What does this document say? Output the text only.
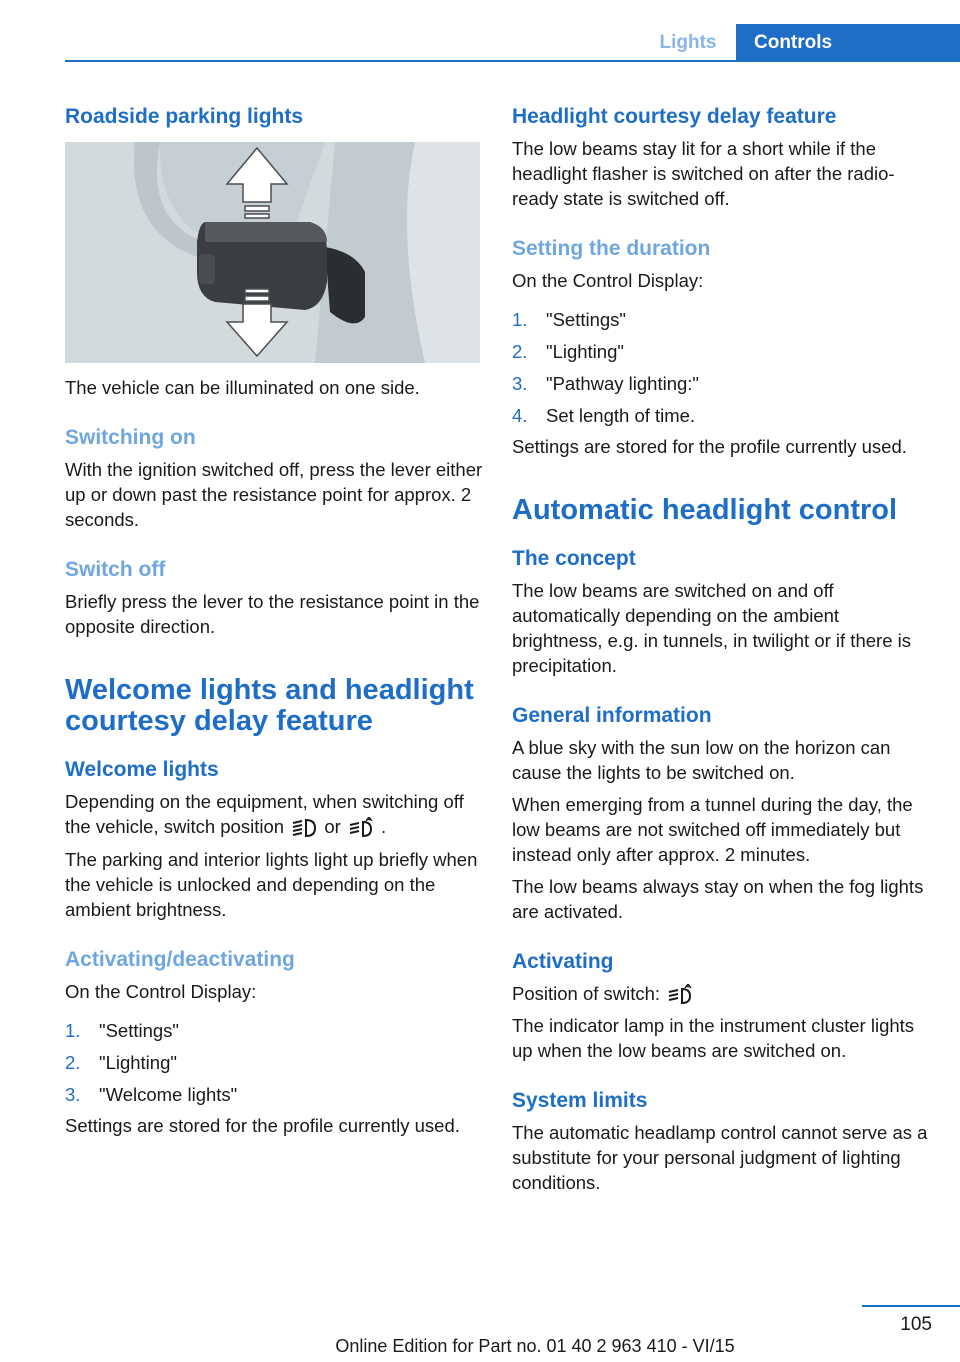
Lights	Controls
Roadside parking lights

The vehicle can be illuminated on one side.

Switching on

With the ignition switched off, press the lever either up or down past the resistance point for approx. 2 seconds.

Switch off

Briefly press the lever to the resistance point in the opposite direction.

Welcome lights and headlight courtesy delay feature
Welcome lights

Depending on the equipment, when switching off the vehicle, switch position or .

The parking and interior lights light up briefly when the vehicle is unlocked and depending on the ambient brightness.

Activating/deactivating

On the Control Display:

1. "Settings"
2. "Lighting"
3. "Welcome lights"

Settings are stored for the profile currently used.

Headlight courtesy delay feature

The low beams stay lit for a short while if the headlight flasher is switched on after the radio-ready state is switched off.

Setting the duration

On the Control Display:

1. "Settings"
2. "Lighting"
3. "Pathway lighting:"
4. Set length of time.

Settings are stored for the profile currently used.

Automatic headlight control
The concept

The low beams are switched on and off automatically depending on the ambient brightness, e.g. in tunnels, in twilight or if there is precipitation.

General information

A blue sky with the sun low on the horizon can cause the lights to be switched on.

When emerging from a tunnel during the day, the low beams are not switched off immediately but instead only after approx. 2 minutes.

The low beams always stay on when the fog lights are activated.

Activating

Position of switch:

The indicator lamp in the instrument cluster lights up when the low beams are switched on.

System limits

The automatic headlamp control cannot serve as a substitute for your personal judgment of lighting conditions.

105
Online Edition for Part no. 01 40 2 963 410 - VI/15
